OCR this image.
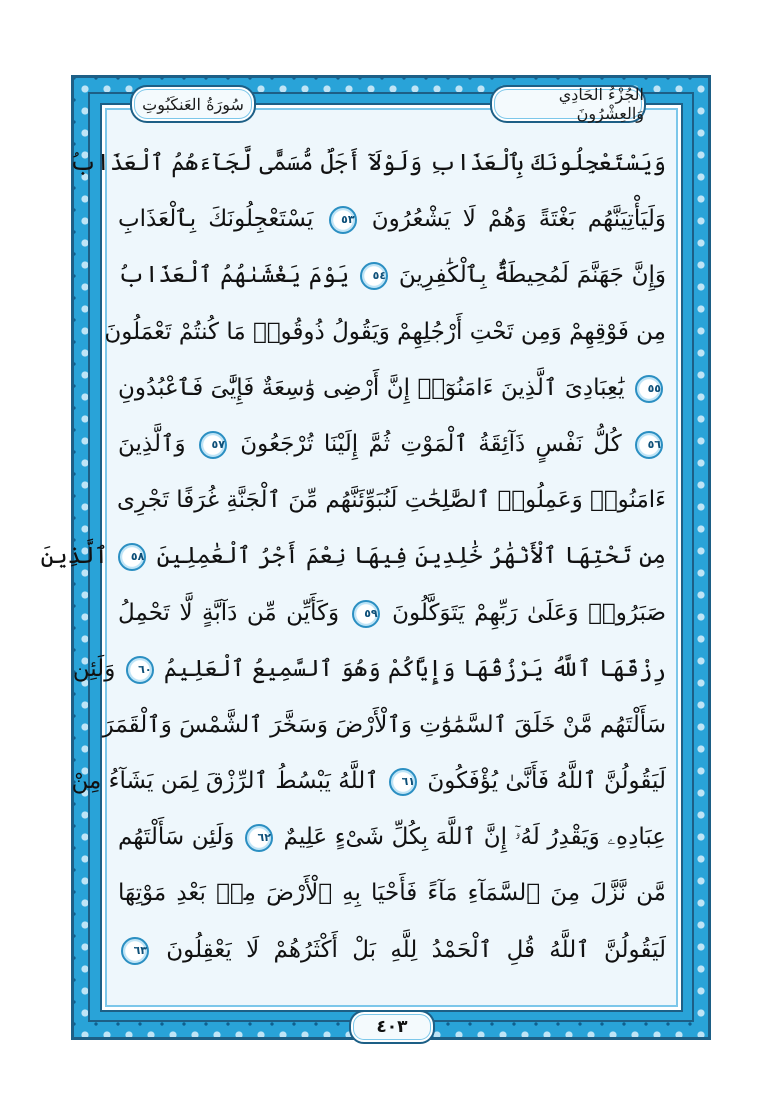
الجُزْءُ الحَادِي وَالعِشْرُونَ
سُورَةُ العَنكَبُوتِ
وَيَسْتَعْجِلُونَكَ بِٱلْعَذَابِ وَلَوْلَآ أَجَلٌ مُّسَمًّى لَّجَآءَهُمُ ٱلْعَذَابُ
وَلَيَأْتِيَنَّهُم بَغْتَةً وَهُمْ لَا يَشْعُرُونَ ٥٣ يَسْتَعْجِلُونَكَ بِٱلْعَذَابِ
وَإِنَّ جَهَنَّمَ لَمُحِيطَةٌۢ بِٱلْكَٰفِرِينَ ٥٤ يَوْمَ يَغْشَىٰهُمُ ٱلْعَذَابُ
مِن فَوْقِهِمْ وَمِن تَحْتِ أَرْجُلِهِمْ وَيَقُولُ ذُوقُوا۟ مَا كُنتُمْ تَعْمَلُونَ
٥٥ يَٰعِبَادِىَ ٱلَّذِينَ ءَامَنُوٓا۟ إِنَّ أَرْضِى وَٰسِعَةٌ فَإِيَّٰىَ فَٱعْبُدُونِ
٥٦ كُلُّ نَفْسٍ ذَآئِقَةُ ٱلْمَوْتِ ثُمَّ إِلَيْنَا تُرْجَعُونَ ٥٧ وَٱلَّذِينَ
ءَامَنُوا۟ وَعَمِلُوا۟ ٱلصَّٰلِحَٰتِ لَنُبَوِّئَنَّهُم مِّنَ ٱلْجَنَّةِ غُرَفًا تَجْرِى
مِن تَحْتِهَا ٱلْأَنْهَٰرُ خَٰلِدِينَ فِيهَا نِعْمَ أَجْرُ ٱلْعَٰمِلِينَ ٥٨ ٱلَّذِينَ
صَبَرُوا۟ وَعَلَىٰ رَبِّهِمْ يَتَوَكَّلُونَ ٥٩ وَكَأَيِّن مِّن دَآبَّةٍ لَّا تَحْمِلُ
رِزْقَهَا ٱللَّهُ يَرْزُقُهَا وَإِيَّاكُمْ وَهُوَ ٱلسَّمِيعُ ٱلْعَلِيمُ ٦٠ وَلَئِن
سَأَلْتَهُم مَّنْ خَلَقَ ٱلسَّمَٰوَٰتِ وَٱلْأَرْضَ وَسَخَّرَ ٱلشَّمْسَ وَٱلْقَمَرَ
لَيَقُولُنَّ ٱللَّهُ فَأَنَّىٰ يُؤْفَكُونَ ٦١ ٱللَّهُ يَبْسُطُ ٱلرِّزْقَ لِمَن يَشَآءُ مِنْ
عِبَادِهِۦ وَيَقْدِرُ لَهُۥٓ إِنَّ ٱللَّهَ بِكُلِّ شَىْءٍ عَلِيمٌ ٦٢ وَلَئِن سَأَلْتَهُم
مَّن نَّزَّلَ مِنَ ٱلسَّمَآءِ مَآءً فَأَحْيَا بِهِ ٱلْأَرْضَ مِنۢ بَعْدِ مَوْتِهَا
لَيَقُولُنَّ ٱللَّهُ قُلِ ٱلْحَمْدُ لِلَّهِ بَلْ أَكْثَرُهُمْ لَا يَعْقِلُونَ ٦٣
٤٠٣
